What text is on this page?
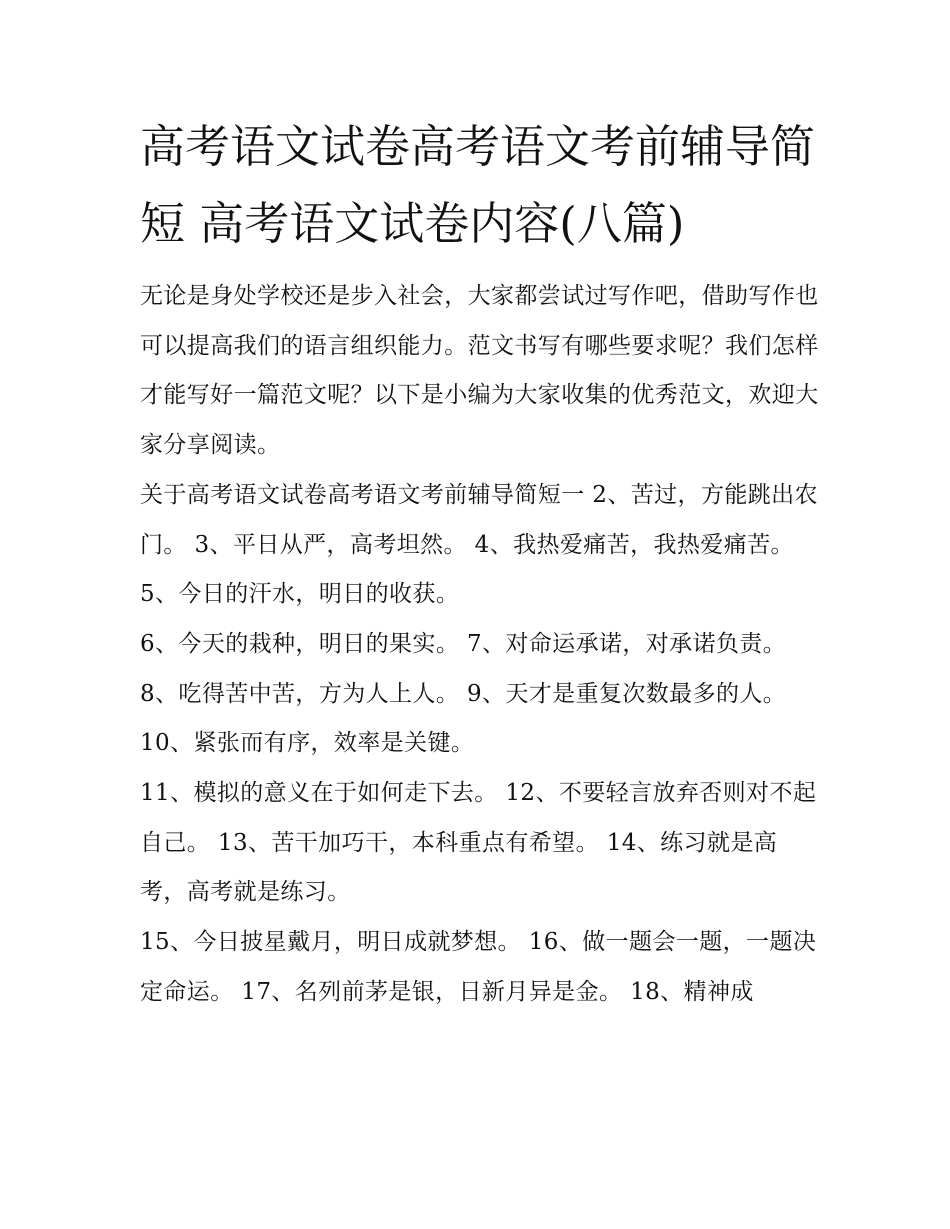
高考语文试卷高考语文考前辅导简短 高考语文试卷内容(八篇)

无论是身处学校还是步入社会，大家都尝试过写作吧，借助写作也可以提高我们的语言组织能力。范文书写有哪些要求呢？我们怎样才能写好一篇范文呢？以下是小编为大家收集的优秀范文，欢迎大家分享阅读。

关于高考语文试卷高考语文考前辅导简短一 2、苦过，方能跳出农门。 3、平日从严，高考坦然。 4、我热爱痛苦，我热爱痛苦。 5、今日的汗水，明日的收获。

6、今天的栽种，明日的果实。 7、对命运承诺，对承诺负责。 8、吃得苦中苦，方为人上人。 9、天才是重复次数最多的人。 10、紧张而有序，效率是关键。

11、模拟的意义在于如何走下去。 12、不要轻言放弃否则对不起自己。 13、苦干加巧干，本科重点有希望。 14、练习就是高考，高考就是练习。

15、今日披星戴月，明日成就梦想。 16、做一题会一题，一题决定命运。 17、名列前茅是银，日新月异是金。 18、精神成
